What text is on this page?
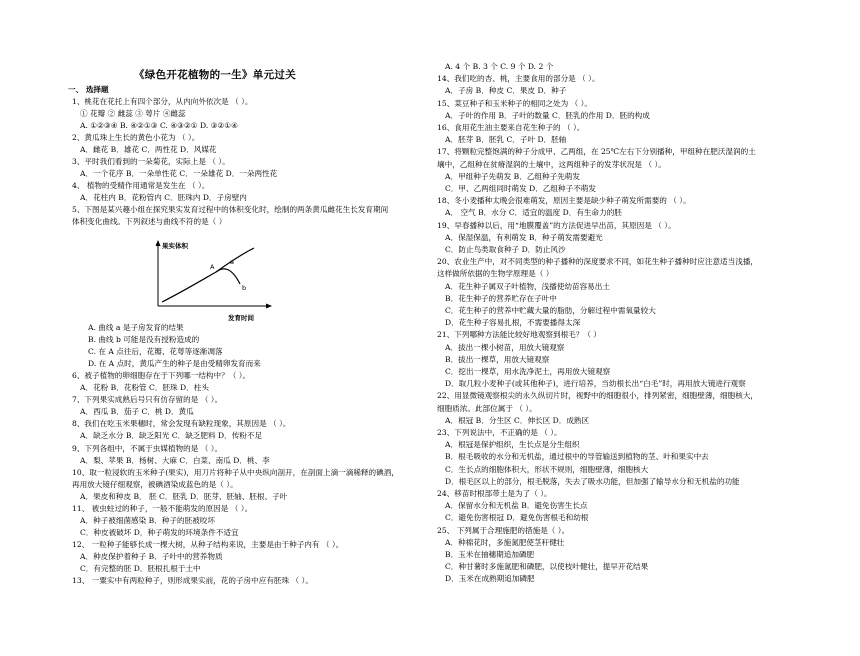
《绿色开花植物的一生》单元过关
一、 选择题
1、桃花在花托上有四个部分，从内向外依次是 （ ）。
① 花瓣 ② 雌蕊 ③ 萼片 ④雌蕊
A. ①②③④ B. ④②①③ C. ④③②① D. ③②①④
2、黄瓜珠上生长的黄色小花为 （ ）。
A．雌花 B．雄花 C．两性花 D．风媒花
3、平时我们看到的一朵菊花，实际上是 （ ）。
A．一个花序 B．一朵单性花 C．一朵雄花 D．一朵两性花
4、 植物的受精作用通常是发生在 （ ）。
A．花柱内 B．花粉管内 C．胚珠内 D．子房壁内
5、下图是某兴趣小组在探究果实发育过程中的体积变化时，绘制的两条黄瓜雌花生长发育期间
体积变化曲线。下列叙述与曲线不符的是（ ）
A. 曲线 a 是子房发育的结果
B. 曲线 b 可能是没有授粉造成的
C. 在 A 点往后，花瓣、花萼等逐渐凋落
D. 在 A 点时，黄瓜产生的种子是由受精卵发育而来
6、被子植物的卵细胞存在于下列哪一结构中？（ ）。
A．花粉 B．花粉管 C．胚珠 D．柱头
7、下列果实成熟后号只有仿存留的是 （ ）。
A．西瓜 B．茄子 C．桃 D．黄瓜
8、我们在吃玉米果穗时，常会发现有缺粒现象，其原因是 （ ）。
A．缺乏水分 B．缺乏阳光 C．缺乏肥料 D．传粉不足
9、下列各组中，不属于虫媒植物的是 （ ）。
A．梨、苹果 B．杨树、大麻 C．白菜、南瓜 D．桃、李
10、取一粒浸软的玉米种子(果实)，用刀片将种子从中央纵向剖开，在剖面上滴一滴稀释的碘酒，
再用放大镜仔细观察，被碘酒染成蓝色的是（ ）。
A．果皮和种皮 B． 胚 C．胚乳 D．胚芽、胚轴、胚根、子叶
11、 被虫蛀过的种子，一般不能萌发的原因是 （ ）。
A．种子被细菌感染 B．种子的胚被咬坏
C．种皮被破坏 D．种子萌发的环境条件不适宜
12、 一粒种子能够长成一棵大树，从种子结构来说，主要是由于种子内有 （ ）。
A．种皮保护着种子 B．子叶中的营养物质
C．有完整的胚 D．胚根扎根于土中
13、 一粟实中有两粒种子，则形成果实前，花的子房中应有胚珠 （ ）。
A. 4 个 B. 3 个 C. 9 个 D. 2 个
14、我们吃的杏、桃，主要食用的部分是 （ ）。
A．子房 B．种皮 C．果皮 D．种子
15、菜豆种子和玉米种子的相同之处为 （ ）。
A．子叶的作用 B．子叶的数量 C．胚乳的作用 D．胚的构成
16、食用花生油主要来自花生种子的 （ ）。
A．胚芽 B．胚乳 C．子叶 D．胚轴
17、将颗粒完整饱满的种子分成甲、乙两组，在 25℃左右下分别播种，甲组种在肥沃湿润的土
壤中，乙组种在贫瘠湿润的土壤中，这两组种子的发芽状况是 （ ）。
A．甲组种子先萌发 B．乙组种子先萌发
C．甲、乙两组同时萌发 D．乙组种子不萌发
18、冬小麦播种太晚会很难萌发，原因主要是缺少种子萌发所需要的 （ ）。
A． 空气 B．水分 C．适宜的温度 D．有生命力的胚
19、早春播种以后，用“地膜覆盖”的方法促进早出苗，其原因是 （ ）。
A．保湿保温，有利萌发 B．种子萌发需要避光
C．防止鸟类取食种子 D．防止风沙
20、农业生产中，对不同类型的种子播种的深度要求不同，如花生种子播种时应注意适当浅播，
这样做所依据的生物学原理是（ ）
A．花生种子属双子叶植物，浅播使幼苗容易出土
B．花生种子的营养贮存在子叶中
C．花生种子的营养中贮藏大量的脂肪，分解过程中需氧量较大
D．花生种子容易扎根，不需要播得太深
21、下列哪种方法能比较好地观察到根毛？（ ）
A．拔出一棵小树苗，用放大镜观察
B．拔出一棵草，用放大镜观察
C．挖出一棵草，用水洗净泥土，再用放大镜观察
D．取几粒小麦种子(或其他种子)，进行培养，当幼根长出“白毛”时，再用放大镜进行观察
22、用显微镜观察根尖的永久纵切片时，视野中的细胞很小，排列紧密，细胞壁薄，细胞核大，
细胞质浓。此部位属于 （ ）。
A．根冠 B．分生区 C．伸长区 D．成熟区
23、下列说法中，不正确的是 （ ）。
A．根冠是保护组织，生长点是分生组织
B．根毛吸收的水分和无机盐，通过根中的导管输送到植物的茎、叶和果实中去
C．生长点的细胞体积大，形状不规则，细胞壁薄，细胞核大
D．根毛区以上的部分，根毛脱落，失去了吸水功能，但加强了输导水分和无机盐的功能
24、移苗时根部带土是为了（ ）。
A．保留水分和无机盐 B．避免伤害生长点
C．避免伤害根冠 D．避免伤害根毛和幼根
25、 下列属于合理施肥的措施是（ ）。
A．种棉花时，多施氮肥使茎秆健壮
B．玉米在抽穗期追加磷肥
C．种甘薯时多施氮肥和磷肥，以使枝叶健壮，提早开花结果
D．玉米在成熟期追加磷肥
果实体积
发育时间
a
A
b
